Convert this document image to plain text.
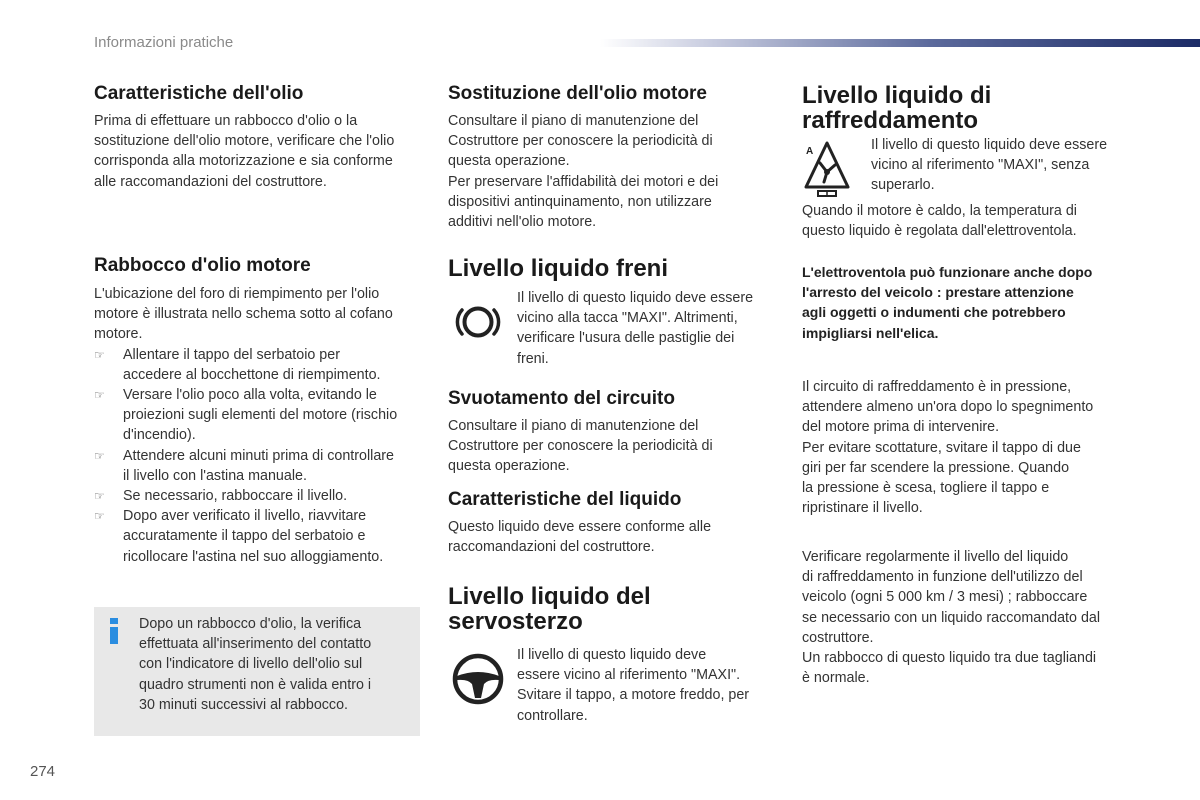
Informazioni pratiche
Caratteristiche dell'olio

Prima di effettuare un rabbocco d'olio o la

sostituzione dell'olio motore, verificare che l'olio

corrisponda alla motorizzazione e sia conforme

alle raccomandazioni del costruttore.

Rabbocco d'olio motore

L'ubicazione del foro di riempimento per l'olio

motore è illustrata nello schema sotto al cofano

motore.

☞ Allentare il tappo del serbatoio per
accedere al bocchettone di riempimento.
☞ Versare l'olio poco alla volta, evitando le
proiezioni sugli elementi del motore (rischio
d'incendio).
☞ Attendere alcuni minuti prima di controllare
il livello con l'astina manuale.
☞ Se necessario, rabboccare il livello.
☞ Dopo aver verificato il livello, riavvitare
accuratamente il tappo del serbatoio e
ricollocare l'astina nel suo alloggiamento.

Dopo un rabbocco d'olio, la verifica

effettuata all'inserimento del contatto

con l'indicatore di livello dell'olio sul

quadro strumenti non è valida entro i

30 minuti successivi al rabbocco.

Sostituzione dell'olio motore

Consultare il piano di manutenzione del

Costruttore per conoscere la periodicità di

questa operazione.

Per preservare l'affidabilità dei motori e dei

dispositivi antinquinamento, non utilizzare

additivi nell'olio motore.

Livello liquido freni

Il livello di questo liquido deve essere

vicino alla tacca "MAXI". Altrimenti,

verificare l'usura delle pastiglie dei

freni.

Svuotamento del circuito

Consultare il piano di manutenzione del

Costruttore per conoscere la periodicità di

questa operazione.

Caratteristiche del liquido

Questo liquido deve essere conforme alle

raccomandazioni del costruttore.

Livello liquido del
servosterzo

Il livello di questo liquido deve

essere vicino al riferimento "MAXI".

Svitare il tappo, a motore freddo, per

controllare.

Livello liquido di
raffreddamento
A	Il livello di questo liquido deve essere

vicino al riferimento "MAXI", senza

superarlo.

Quando il motore è caldo, la temperatura di

questo liquido è regolata dall'elettroventola.

L'elettroventola può funzionare anche dopo

l'arresto del veicolo : prestare attenzione

agli oggetti o indumenti che potrebbero

impigliarsi nell'elica.

Il circuito di raffreddamento è in pressione,

attendere almeno un'ora dopo lo spegnimento

del motore prima di intervenire.

Per evitare scottature, svitare il tappo di due

giri per far scendere la pressione. Quando

la pressione è scesa, togliere il tappo e

ripristinare il livello.

Verificare regolarmente il livello del liquido

di raffreddamento in funzione dell'utilizzo del

veicolo (ogni 5 000 km / 3 mesi) ; rabboccare

se necessario con un liquido raccomandato dal

costruttore.

Un rabbocco di questo liquido tra due tagliandi

è normale.

274
